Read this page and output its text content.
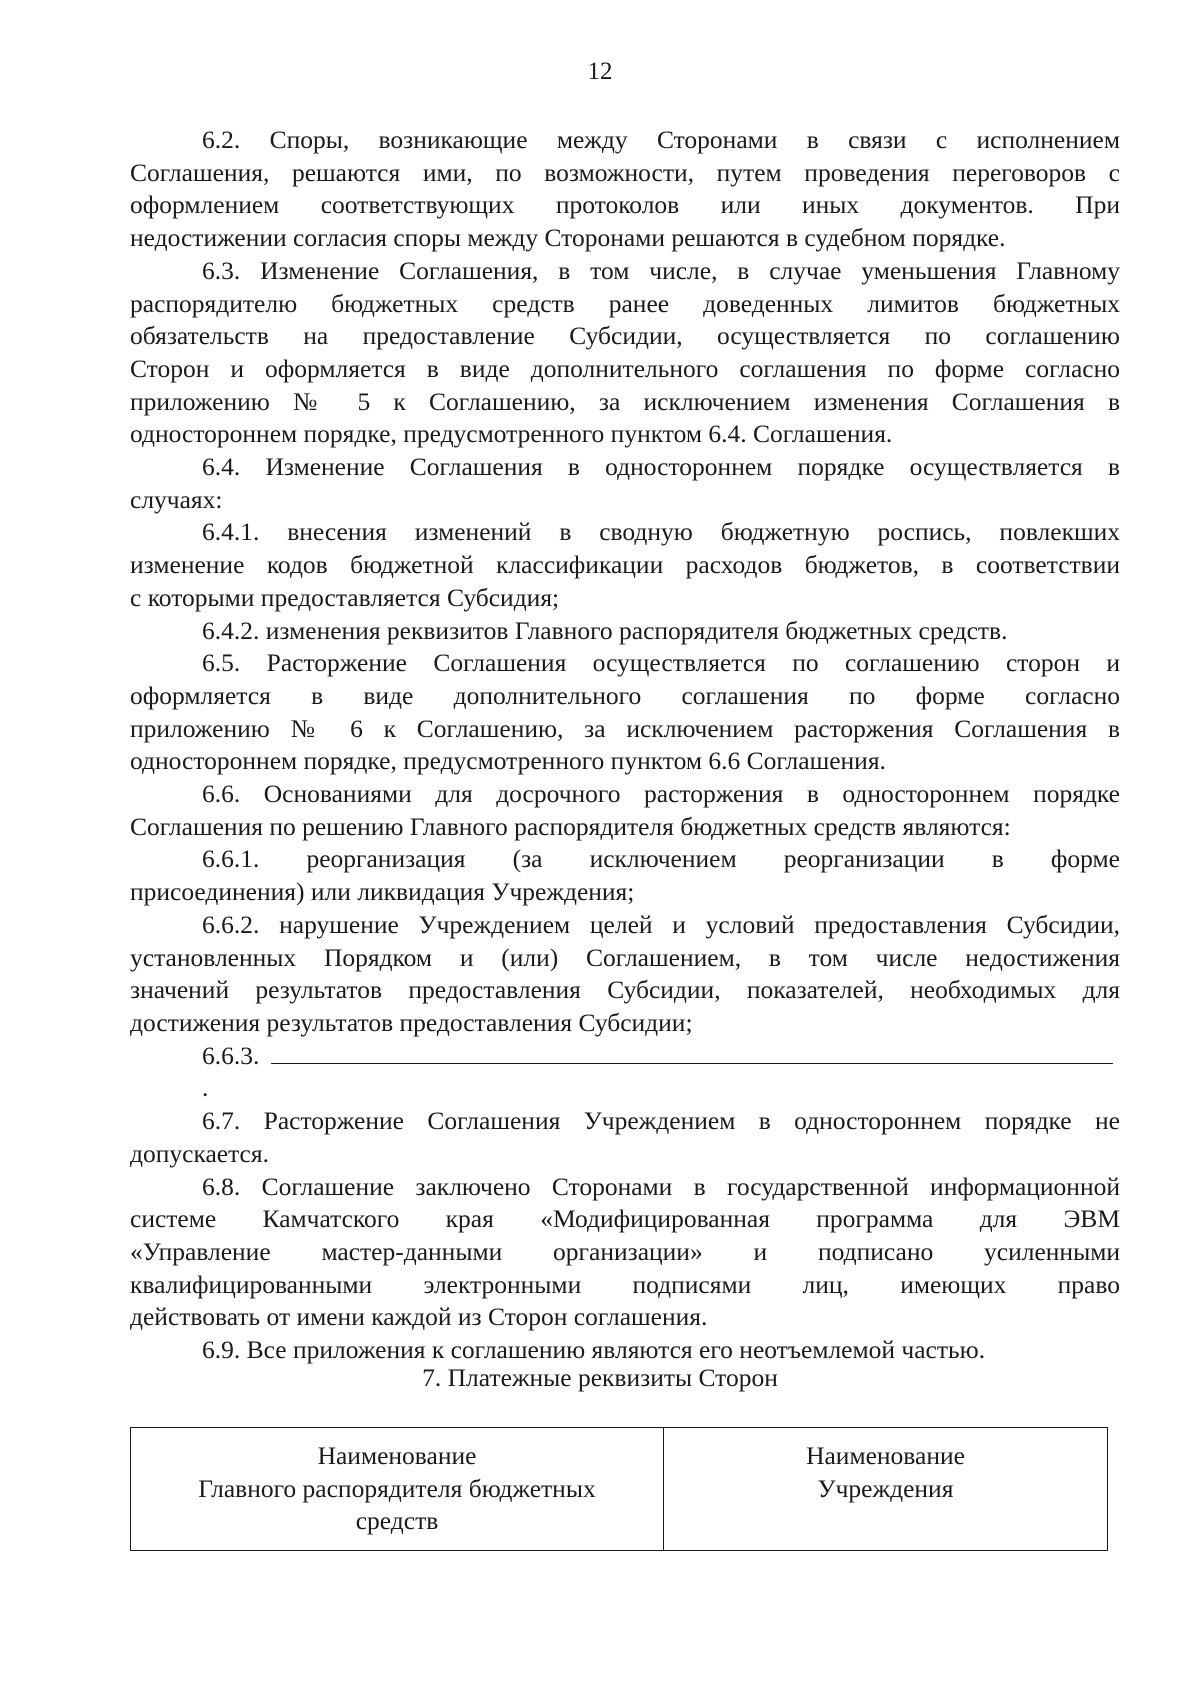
12

6.2. Споры, возникающие между Сторонами в связи с исполнением
Соглашения, решаются ими, по возможности, путем проведения переговоров с
оформлением соответствующих протоколов или иных документов. При
недостижении согласия споры между Сторонами решаются в судебном порядке.

6.3. Изменение Соглашения, в том числе, в случае уменьшения Главному
распорядителю бюджетных средств ранее доведенных лимитов бюджетных
обязательств на предоставление Субсидии, осуществляется по соглашению
Сторон и оформляется в виде дополнительного соглашения по форме согласно
приложению № 5 к Соглашению, за исключением изменения Соглашения в
одностороннем порядке, предусмотренного пунктом 6.4. Соглашения.

6.4. Изменение Соглашения в одностороннем порядке осуществляется в
случаях:

6.4.1. внесения изменений в сводную бюджетную роспись, повлекших
изменение кодов бюджетной классификации расходов бюджетов, в соответствии
с которыми предоставляется Субсидия;

6.4.2. изменения реквизитов Главного распорядителя бюджетных средств.

6.5. Расторжение Соглашения осуществляется по соглашению сторон и
оформляется в виде дополнительного соглашения по форме согласно
приложению № 6 к Соглашению, за исключением расторжения Соглашения в
одностороннем порядке, предусмотренного пунктом 6.6 Соглашения.

6.6. Основаниями для досрочного расторжения в одностороннем порядке
Соглашения по решению Главного распорядителя бюджетных средств являются:

6.6.1. реорганизация (за исключением реорганизации в форме
присоединения) или ликвидация Учреждения;

6.6.2. нарушение Учреждением целей и условий предоставления Субсидии,
установленных Порядком и (или) Соглашением, в том числе недостижения
значений результатов предоставления Субсидии, показателей, необходимых для
достижения результатов предоставления Субсидии;

6.6.3..

6.7. Расторжение Соглашения Учреждением в одностороннем порядке не
допускается.

6.8. Соглашение заключено Сторонами в государственной информационной
системе Камчатского края «Модифицированная программа для ЭВМ
«Управление мастер-данными организации» и подписано усиленными
квалифицированными электронными подписями лиц, имеющих право
действовать от имени каждой из Сторон соглашения.

6.9. Все приложения к соглашению являются его неотъемлемой частью.

7. Платежные реквизиты Сторон
Наименование
Главного распорядителя бюджетных
средств

Наименование
Учреждения
